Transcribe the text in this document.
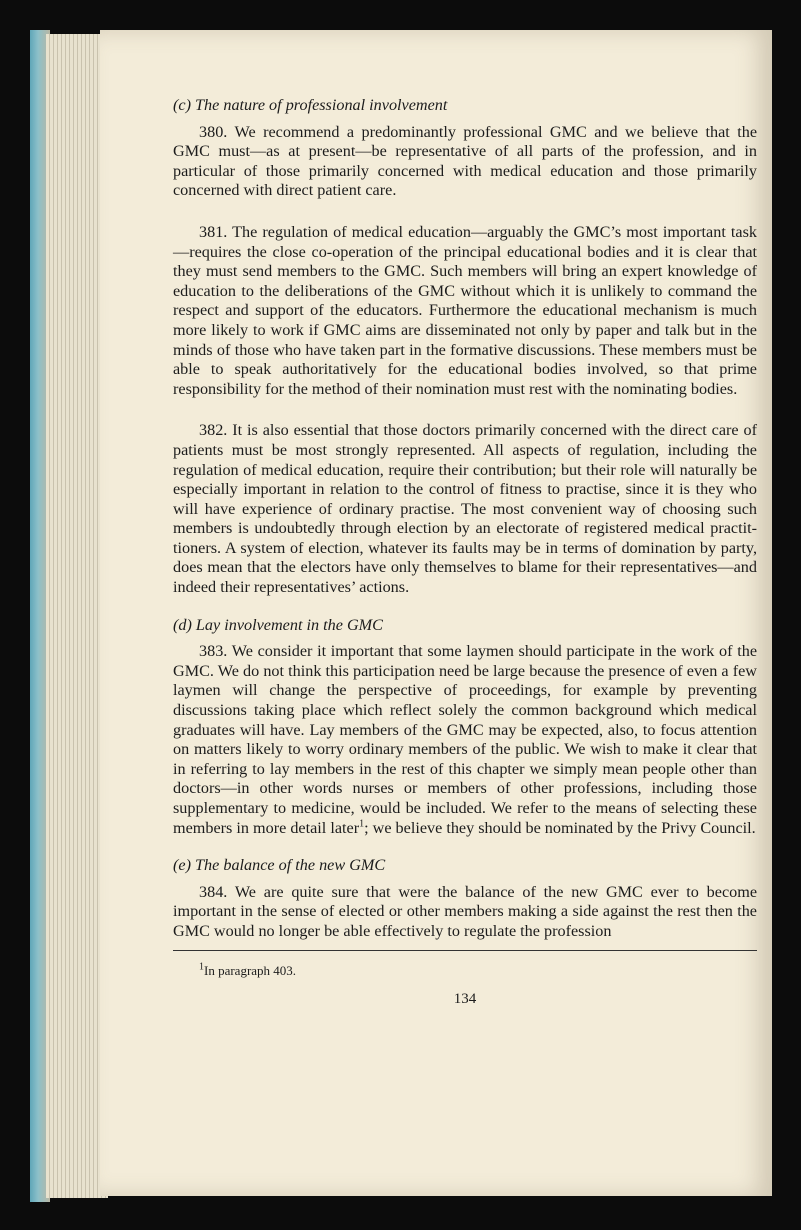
(c) The nature of professional involvement

380. We recommend a predominantly professional GMC and we believe that the GMC must—as at present—be representative of all parts of the profession, and in particular of those primarily concerned with medical education and those primarily concerned with direct patient care.

381. The regulation of medical education—arguably the GMC’s most important task—requires the close co-operation of the principal educational bodies and it is clear that they must send members to the GMC. Such members will bring an expert knowledge of education to the deliberations of the GMC without which it is unlikely to command the respect and support of the educators. Furthermore the educational mechanism is much more likely to work if GMC aims are disseminated not only by paper and talk but in the minds of those who have taken part in the formative discussions. These members must be able to speak authoritatively for the educational bodies involved, so that prime responsibility for the method of their nomination must rest with the nominating bodies.

382. It is also essential that those doctors primarily concerned with the direct care of patients must be most strongly represented. All aspects of regulation, including the regulation of medical education, require their contribution; but their role will naturally be especially important in relation to the control of fitness to practise, since it is they who will have experience of ordinary practise. The most convenient way of choosing such members is undoubtedly through election by an electorate of registered medical practit-tioners. A system of election, whatever its faults may be in terms of domination by party, does mean that the electors have only themselves to blame for their representatives—and indeed their representatives’ actions.

(d) Lay involvement in the GMC

383. We consider it important that some laymen should participate in the work of the GMC. We do not think this participation need be large because the presence of even a few laymen will change the perspective of proceedings, for example by preventing discussions taking place which reflect solely the common background which medical graduates will have. Lay members of the GMC may be expected, also, to focus attention on matters likely to worry ordinary members of the public. We wish to make it clear that in referring to lay members in the rest of this chapter we simply mean people other than doctors—in other words nurses or members of other professions, including those supplementary to medicine, would be included. We refer to the means of selecting these members in more detail later$^1$; we believe they should be nominated by the Privy Council.

(e) The balance of the new GMC

384. We are quite sure that were the balance of the new GMC ever to become important in the sense of elected or other members making a side against the rest then the GMC would no longer be able effectively to regulate the profession

$^1$In paragraph 403.
134
